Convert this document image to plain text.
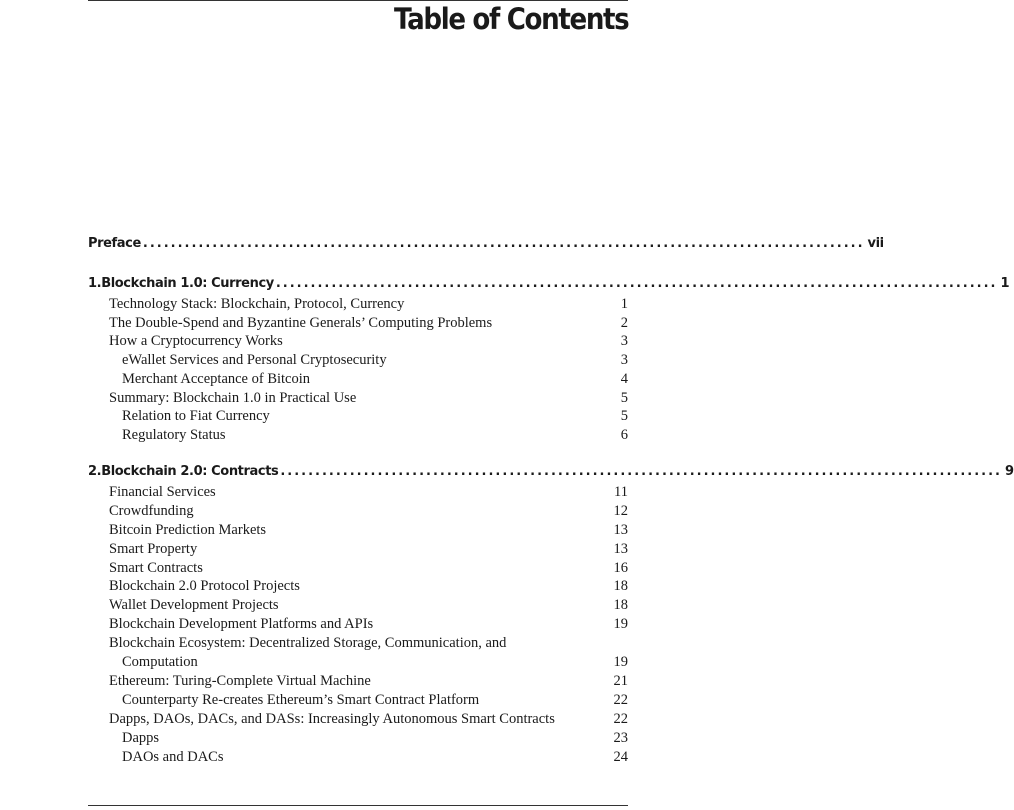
Table of Contents
Preface ........................................................................................................ vii
1. Blockchain 1.0: Currency ........................................................................................................ 1
Technology Stack: Blockchain, Protocol, Currency	1
The Double-Spend and Byzantine Generals’ Computing Problems	2
How a Cryptocurrency Works	3
eWallet Services and Personal Cryptosecurity	3
Merchant Acceptance of Bitcoin	4
Summary: Blockchain 1.0 in Practical Use	5
Relation to Fiat Currency	5
Regulatory Status	6
2. Blockchain 2.0: Contracts ........................................................................................................ 9
Financial Services	11
Crowdfunding	12
Bitcoin Prediction Markets	13
Smart Property	13
Smart Contracts	16
Blockchain 2.0 Protocol Projects	18
Wallet Development Projects	18
Blockchain Development Platforms and APIs	19
Blockchain Ecosystem: Decentralized Storage, Communication, and
Computation	19
Ethereum: Turing-Complete Virtual Machine	21
Counterparty Re-creates Ethereum’s Smart Contract Platform	22
Dapps, DAOs, DACs, and DASs: Increasingly Autonomous Smart Contracts	22
Dapps	23
DAOs and DACs	24
